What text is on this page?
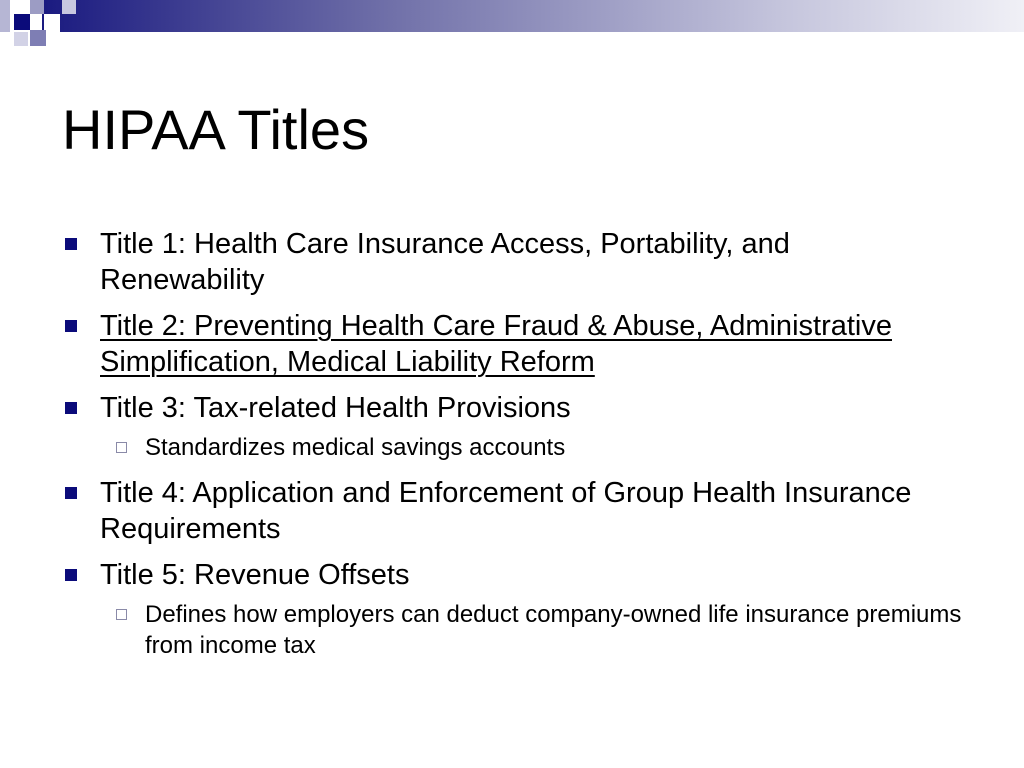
HIPAA Titles
Title 1: Health Care Insurance Access, Portability, and Renewability
Title 2: Preventing Health Care Fraud & Abuse, Administrative Simplification, Medical Liability Reform
Title 3: Tax-related Health Provisions
Standardizes medical savings accounts
Title 4: Application and Enforcement of Group Health Insurance Requirements
Title 5: Revenue Offsets
Defines how employers can deduct company-owned life insurance premiums from income tax
